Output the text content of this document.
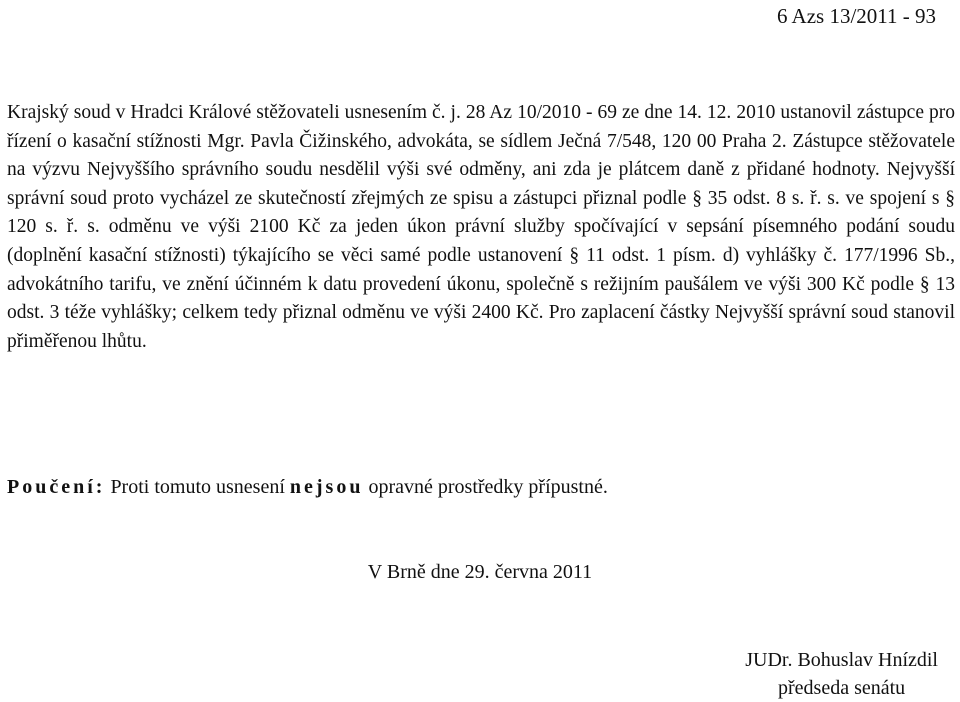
6 Azs 13/2011 - 93
Krajský soud v Hradci Králové stěžovateli usnesením č. j. 28 Az 10/2010 - 69 ze dne 14. 12. 2010 ustanovil zástupce pro řízení o kasační stížnosti Mgr. Pavla Čižinského, advokáta, se sídlem Ječná 7/548, 120 00 Praha 2. Zástupce stěžovatele na výzvu Nejvyššího správního soudu nesdělil výši své odměny, ani zda je plátcem daně z přidané hodnoty. Nejvyšší správní soud proto vycházel ze skutečností zřejmých ze spisu a zástupci přiznal podle § 35 odst. 8 s. ř. s. ve spojení s § 120 s. ř. s. odměnu ve výši 2100 Kč za jeden úkon právní služby spočívající v sepsání písemného podání soudu (doplnění kasační stížnosti) týkajícího se věci samé podle ustanovení § 11 odst. 1 písm. d) vyhlášky č. 177/1996 Sb., advokátního tarifu, ve znění účinném k datu provedení úkonu, společně s režijním paušálem ve výši 300 Kč podle § 13 odst. 3 téže vyhlášky; celkem tedy přiznal odměnu ve výši 2400 Kč. Pro zaplacení částky Nejvyšší správní soud stanovil přiměřenou lhůtu.
Poučení: Proti tomuto usnesení nejsou opravné prostředky přípustné.
V Brně dne 29. června 2011
JUDr. Bohuslav Hnízdil
předseda senátu
